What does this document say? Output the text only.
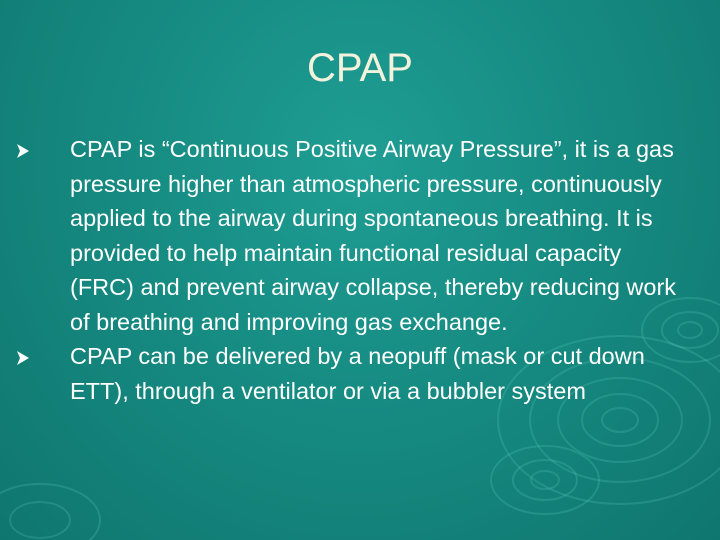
CPAP
CPAP is “Continuous Positive Airway Pressure”, it is a gas pressure higher than atmospheric pressure, continuously applied to the airway during spontaneous breathing. It is provided to help maintain functional residual capacity (FRC) and prevent airway collapse, thereby reducing work of breathing and improving gas exchange.
CPAP can be delivered by a neopuff (mask or cut down ETT), through a ventilator or via a bubbler system
